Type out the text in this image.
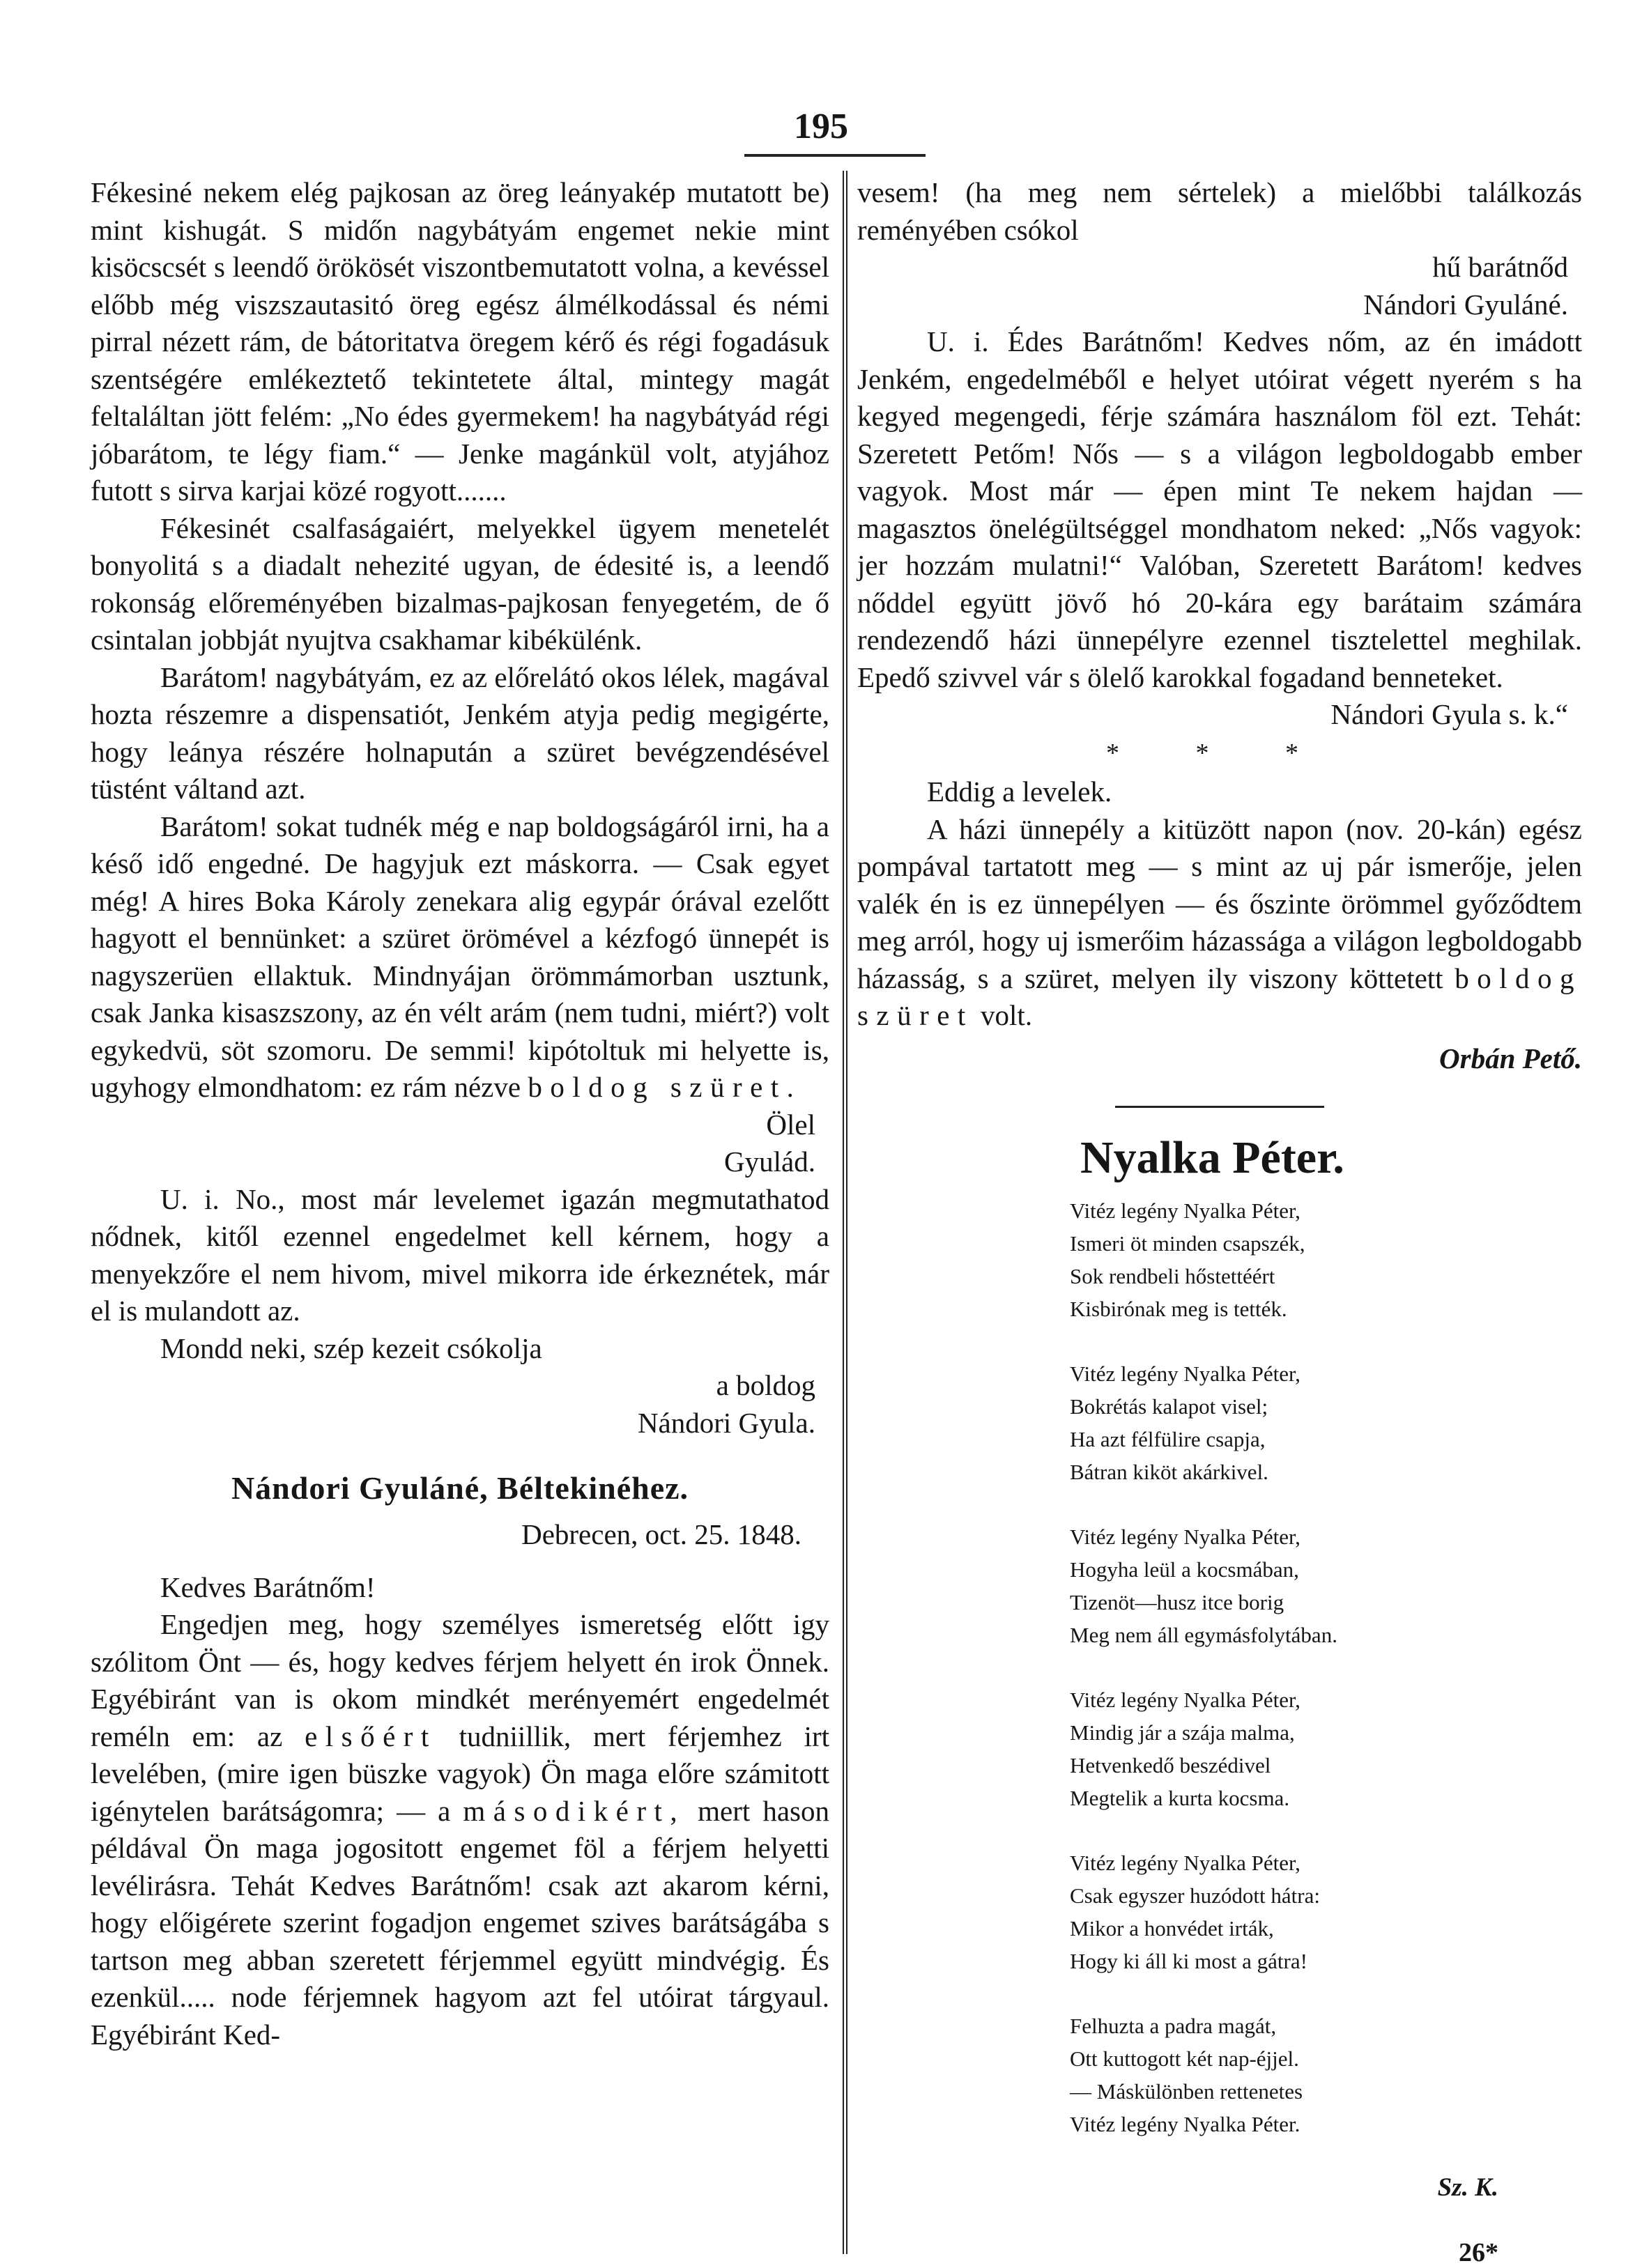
195

Fékesiné nekem elég pajkosan az öreg leányakép mutatott be) mint kishugát. S midőn nagybátyám engemet nekie mint kisöcscsét s leendő örökösét viszontbemutatott volna, a kevéssel előbb még viszszautasitó öreg egész álmélkodással és némi pirral nézett rám, de bátoritatva öregem kérő és régi fogadásuk szentségére emlékeztető tekintetete által, mintegy magát feltaláltan jött felém: „No édes gyermekem! ha nagybátyád régi jóbarátom, te légy fiam.“ — Jenke magánkül volt, atyjához futott s sirva karjai közé rogyott.......

Fékesinét csalfaságaiért, melyekkel ügyem menetelét bonyolitá s a diadalt nehezité ugyan, de édesité is, a leendő rokonság előreményében bizalmas-pajkosan fenyegetém, de ő csintalan jobbját nyujtva csakhamar kibékülénk.

Barátom! nagybátyám, ez az előrelátó okos lélek, magával hozta részemre a dispensatiót, Jenkém atyja pedig megigérte, hogy leánya részére holnapután a szüret bevégzendésével tüstént váltand azt.

Barátom! sokat tudnék még e nap boldogságáról irni, ha a késő idő engedné. De hagyjuk ezt máskorra. — Csak egyet még! A hires Boka Károly zenekara alig egypár órával ezelőtt hagyott el bennünket: a szüret örömével a kézfogó ünnepét is nagyszerüen ellaktuk. Mindnyájan örömmámorban usztunk, csak Janka kisaszszony, az én vélt arám (nem tudni, miért?) volt egykedvü, söt szomoru. De semmi! kipótoltuk mi helyette is, ugyhogy elmondhatom: ez rám nézve boldog szüret.

Ölel

Gyulád.

U. i. No., most már levelemet igazán megmutathatod nődnek, kitől ezennel engedelmet kell kérnem, hogy a menyekzőre el nem hivom, mivel mikorra ide érkeznétek, már el is mulandott az.

Mondd neki, szép kezeit csókolja

a boldog

Nándori Gyula.

Nándori Gyuláné, Béltekinéhez.
Debrecen, oct. 25. 1848.

Kedves Barátnőm!

Engedjen meg, hogy személyes ismeretség előtt igy szólitom Önt — és, hogy kedves férjem helyett én irok Önnek. Egyébiránt van is okom mindkét merényemért engedelmét reméln em: az elsőért tudniillik, mert férjemhez irt levelében, (mire igen büszke vagyok) Ön maga előre számitott igénytelen barátságomra; — a másodikért, mert hason példával Ön maga jogositott engemet föl a férjem helyetti levélirásra. Tehát Kedves Barátnőm! csak azt akarom kérni, hogy előigérete szerint fogadjon engemet szives barátságába s tartson meg abban szeretett férjemmel együtt mindvégig. És ezenkül..... node férjemnek hagyom azt fel utóirat tárgyaul. Egyébiránt Ked-

vesem! (ha meg nem sértelek) a mielőbbi találkozás reményében csókol

hű barátnőd

Nándori Gyuláné.

U. i. Édes Barátnőm! Kedves nőm, az én imádott Jenkém, engedelméből e helyet utóirat végett nyerém s ha kegyed megengedi, férje számára használom föl ezt. Tehát: Szeretett Petőm! Nős — s a világon legboldogabb ember vagyok. Most már — épen mint Te nekem hajdan — magasztos önelégültséggel mondhatom neked: „Nős vagyok: jer hozzám mulatni!“ Valóban, Szeretett Barátom! kedves nőddel együtt jövő hó 20-kára egy barátaim számára rendezendő házi ünnepélyre ezennel tisztelettel meghilak. Epedő szivvel vár s ölelő karokkal fogadand benneteket.

Nándori Gyula s. k.“

* * *

Eddig a levelek.

A házi ünnepély a kitüzött napon (nov. 20-kán) egész pompával tartatott meg — s mint az uj pár ismerője, jelen valék én is ez ünnepélyen — és őszinte örömmel győződtem meg arról, hogy uj ismerőim házassága a világon legboldogabb házasság, s a szüret, melyen ily viszony köttetett boldog szüret volt.

Orbán Pető.
Nyalka Péter.

Vitéz legény Nyalka Péter,

Ismeri öt minden csapszék,

Sok rendbeli hőstettéért

Kisbirónak meg is tették.

Vitéz legény Nyalka Péter,

Bokrétás kalapot visel;

Ha azt félfülire csapja,

Bátran kiköt akárkivel.

Vitéz legény Nyalka Péter,

Hogyha leül a kocsmában,

Tizenöt—husz itce borig

Meg nem áll egymásfolytában.

Vitéz legény Nyalka Péter,

Mindig jár a szája malma,

Hetvenkedő beszédivel

Megtelik a kurta kocsma.

Vitéz legény Nyalka Péter,

Csak egyszer huzódott hátra:

Mikor a honvédet irták,

Hogy ki áll ki most a gátra!

Felhuzta a padra magát,

Ott kuttogott két nap-éjjel.

— Máskülönben rettenetes

Vitéz legény Nyalka Péter.

Sz. K.
26*
